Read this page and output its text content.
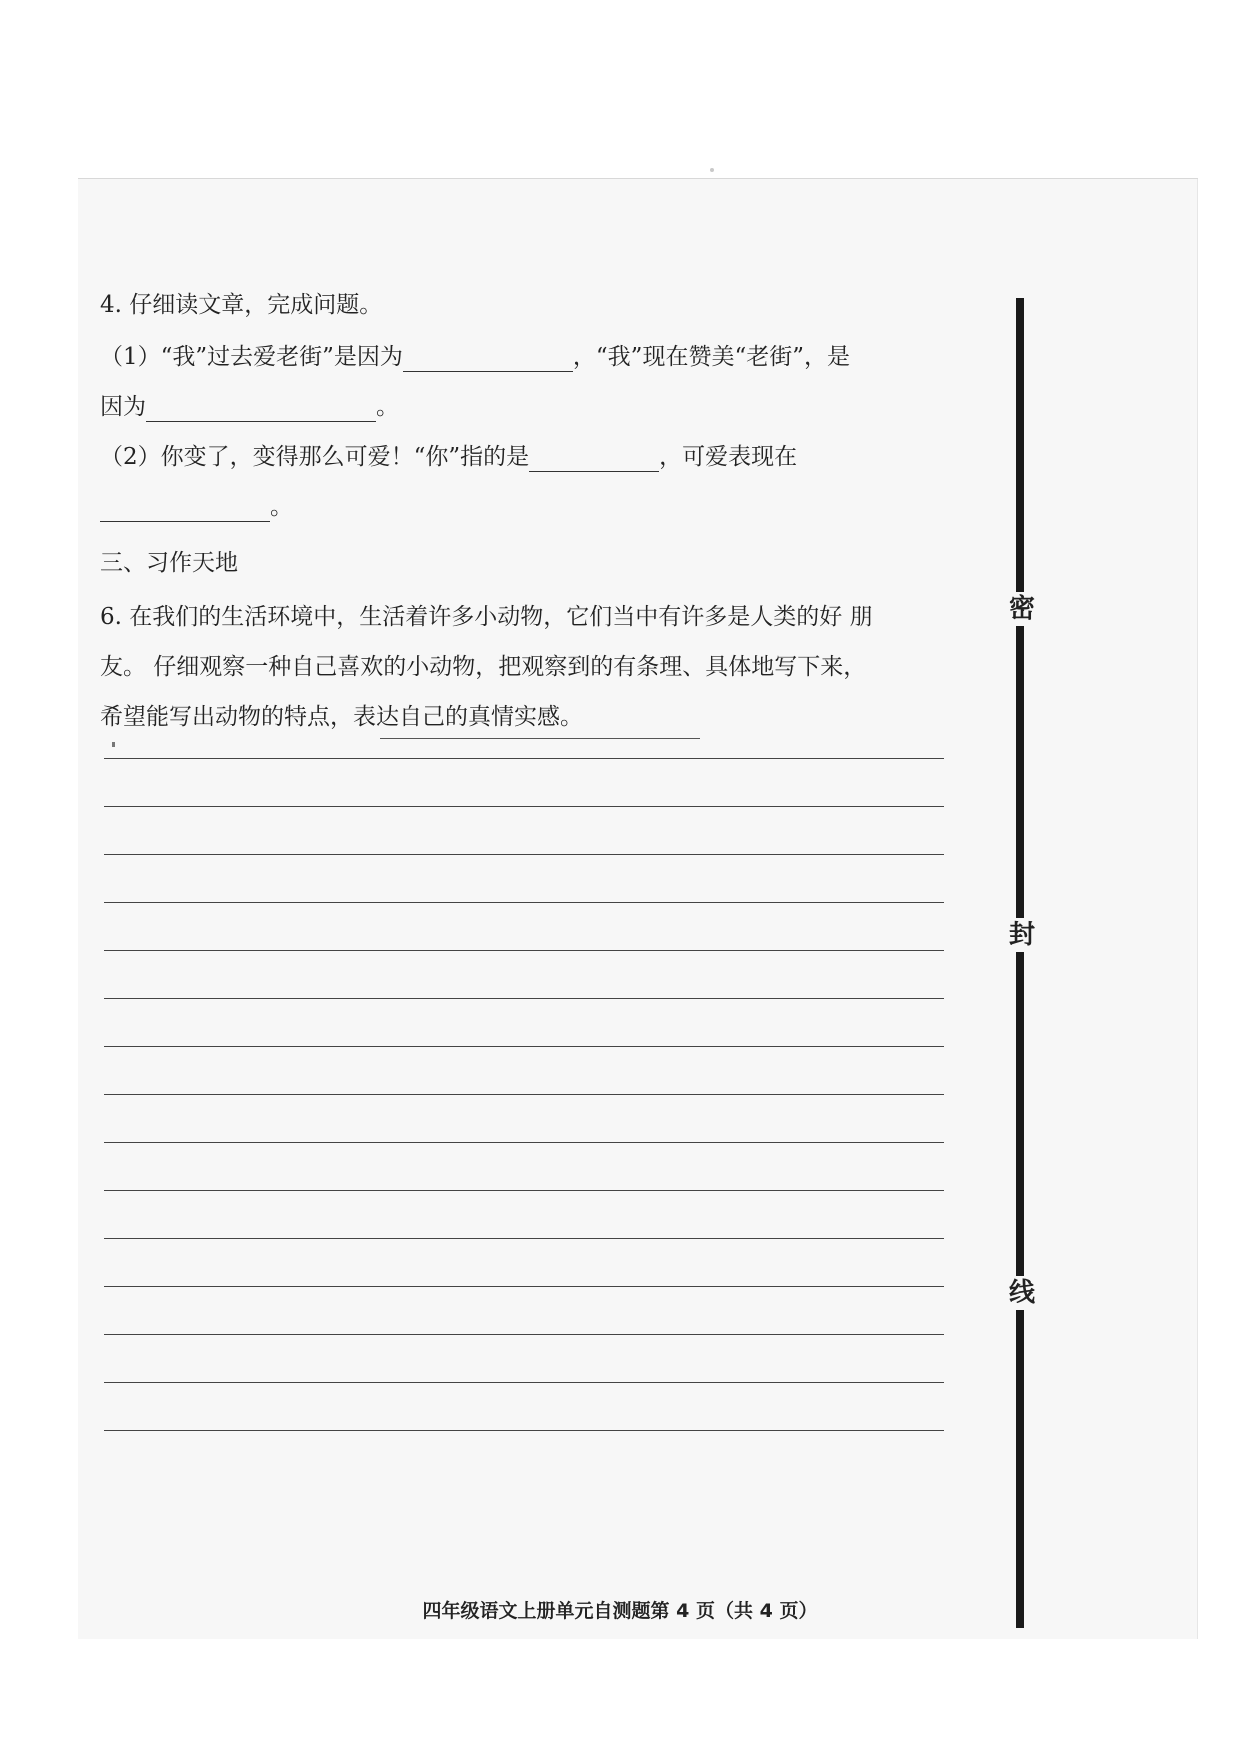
4. 仔细读文章，完成问题。
（1）“我”过去爱老街”是因为	，“我”现在赞美“老街”，是
因为	。
（2）你变了，变得那么可爱！“你”指的是	，可爱表现在
。
三、习作天地
6. 在我们的生活环境中，生活着许多小动物，它们当中有许多是人类的好 朋
友。 仔细观察一种自己喜欢的小动物，把观察到的有条理、具体地写下来，
希望能写出动物的特点，表达自己的真情实感。
密
封
线
四年级语文上册单元自测题第 4 页（共 4 页）
